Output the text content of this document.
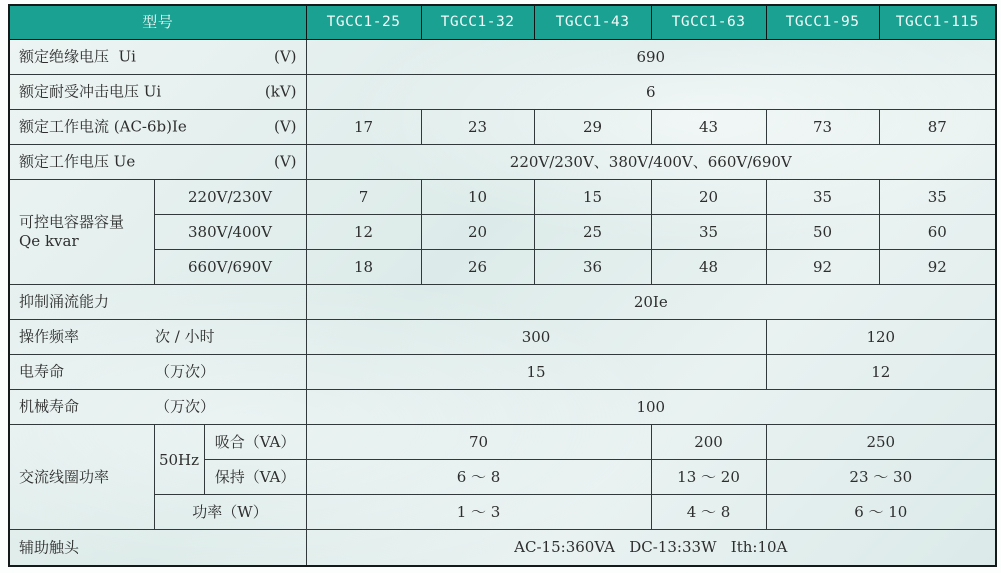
型号			TGCC1-25	TGCC1-32	TGCC1-43	TGCC1-63	TGCC1-95	TGCC1-115

额定绝缘电压  Ui (V)			690					

额定耐受冲击电压 Ui (kV)			6					

额定工作电流 (AC-6b)Ie (V)			17	23	29	43	73	87

额定工作电压 Ue (V)			220V/230V、380V/400V、660V/690V					

可控电容器容量
Qe kvar	220V/230V		7	10	15	20	35	35
	380V/400V		12	20	25	35	50	60
	660V/690V		18	26	36	48	92	92

抑制涌流能力			20Ie					

操作频率 次 / 小时			300				120	

电寿命 （万次）			15				12	

机械寿命 （万次）			100					

交流线圈功率	50Hz	吸合（VA）	70			200	250	
		保持（VA）	6 ～ 8			13 ～ 20	23 ～ 30	
	功率（W）		1 ～ 3			4 ～ 8	6 ～ 10	

辅助触头			AC-15:360VA   DC-13:33W   Ith:10A					
